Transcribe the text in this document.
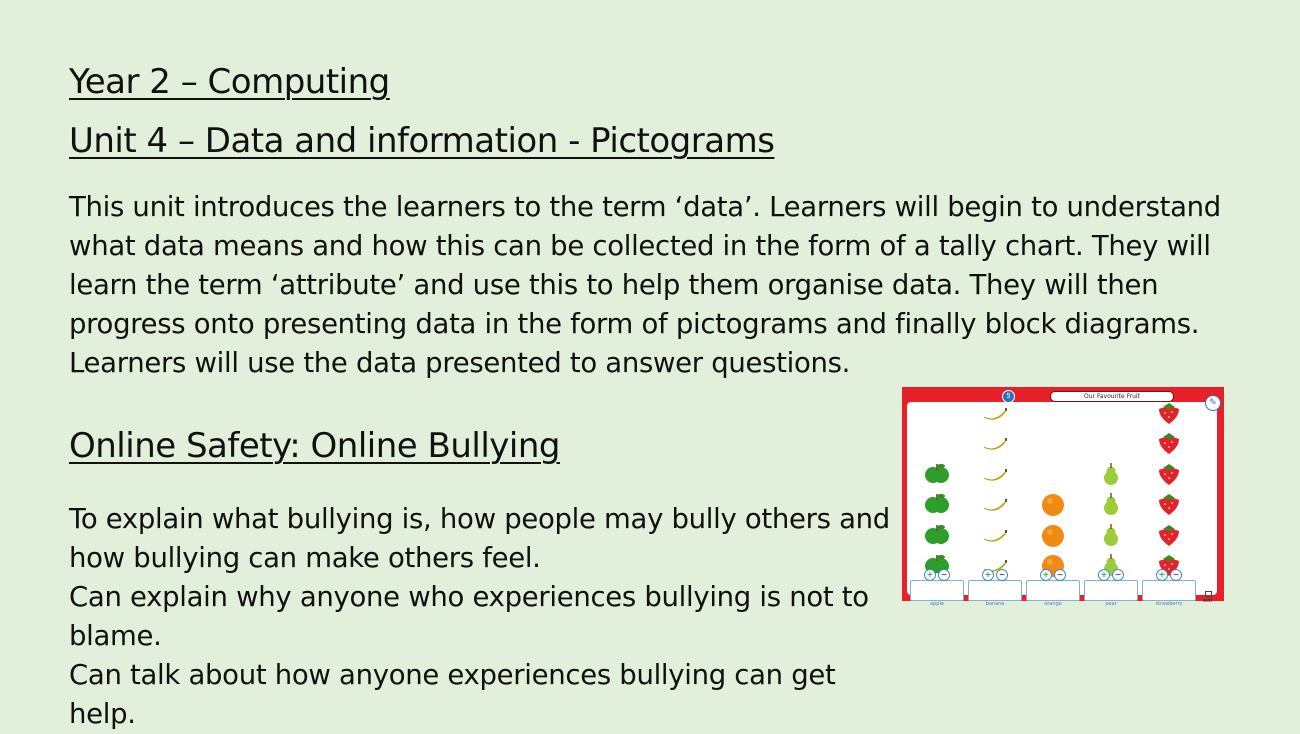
Year 2 – Computing
Unit 4 – Data and information - Pictograms

This unit introduces the learners to the term ‘data’. Learners will begin to understand what data means and how this can be collected in the form of a tally chart. They will learn the term ‘attribute’ and use this to help them organise data. They will then progress onto presenting data in the form of pictograms and finally block diagrams. Learners will use the data presented to answer questions.

Online Safety: Online Bullying

To explain what bullying is, how people may bully others and how bullying can make others feel.

Can explain why anyone who experiences bullying is not to blame.

Can talk about how anyone experiences bullying can get help.

5	Our Favourite Fruit
+ −
apple
+ −
banana
+ −
orange
+ −
pear
+ −
strawberry	exit
✎
